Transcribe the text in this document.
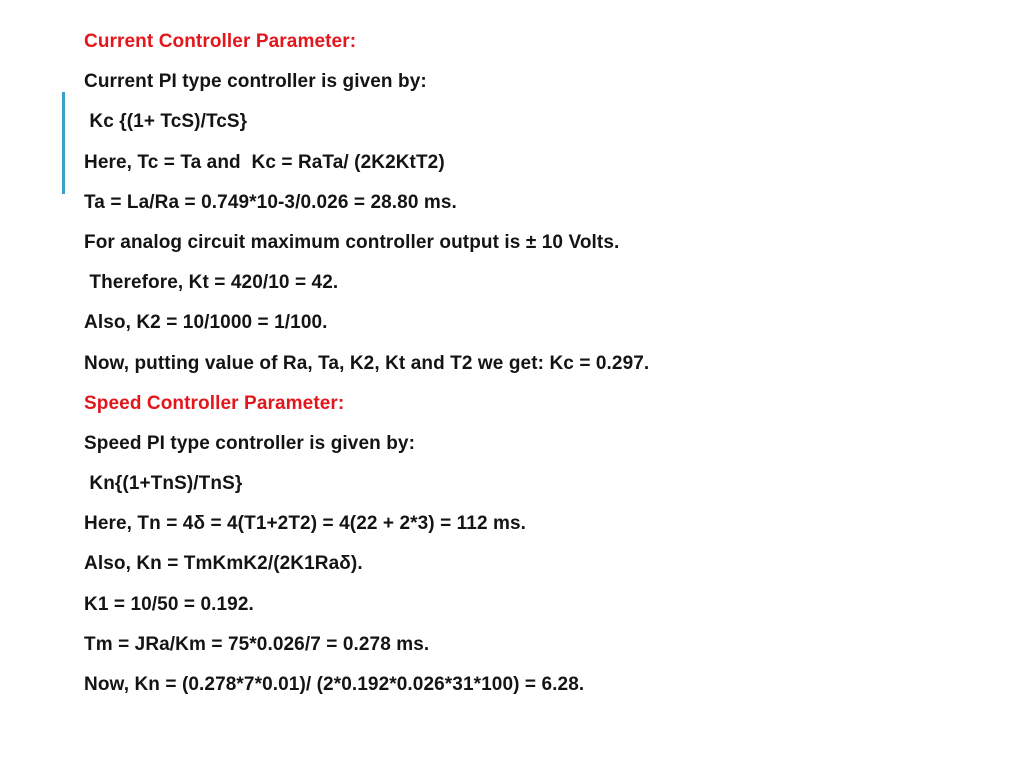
Current Controller Parameter:
Current PI type controller is given by:
Kc {(1+ TcS)/TcS}
Here, Tc = Ta and  Kc = RaTa/ (2K2KtT2)
Ta = La/Ra = 0.749*10-3/0.026 = 28.80 ms.
For analog circuit maximum controller output is ± 10 Volts.
Therefore, Kt = 420/10 = 42.
Also, K2 = 10/1000 = 1/100.
Now, putting value of Ra, Ta, K2, Kt and T2 we get: Kc = 0.297.
Speed Controller Parameter:
Speed PI type controller is given by:
Kn{(1+TnS)/TnS}
Here, Tn = 4δ = 4(T1+2T2) = 4(22 + 2*3) = 112 ms.
Also, Kn = TmKmK2/(2K1Raδ).
K1 = 10/50 = 0.192.
Tm = JRa/Km = 75*0.026/7 = 0.278 ms.
Now, Kn = (0.278*7*0.01)/ (2*0.192*0.026*31*100) = 6.28.
